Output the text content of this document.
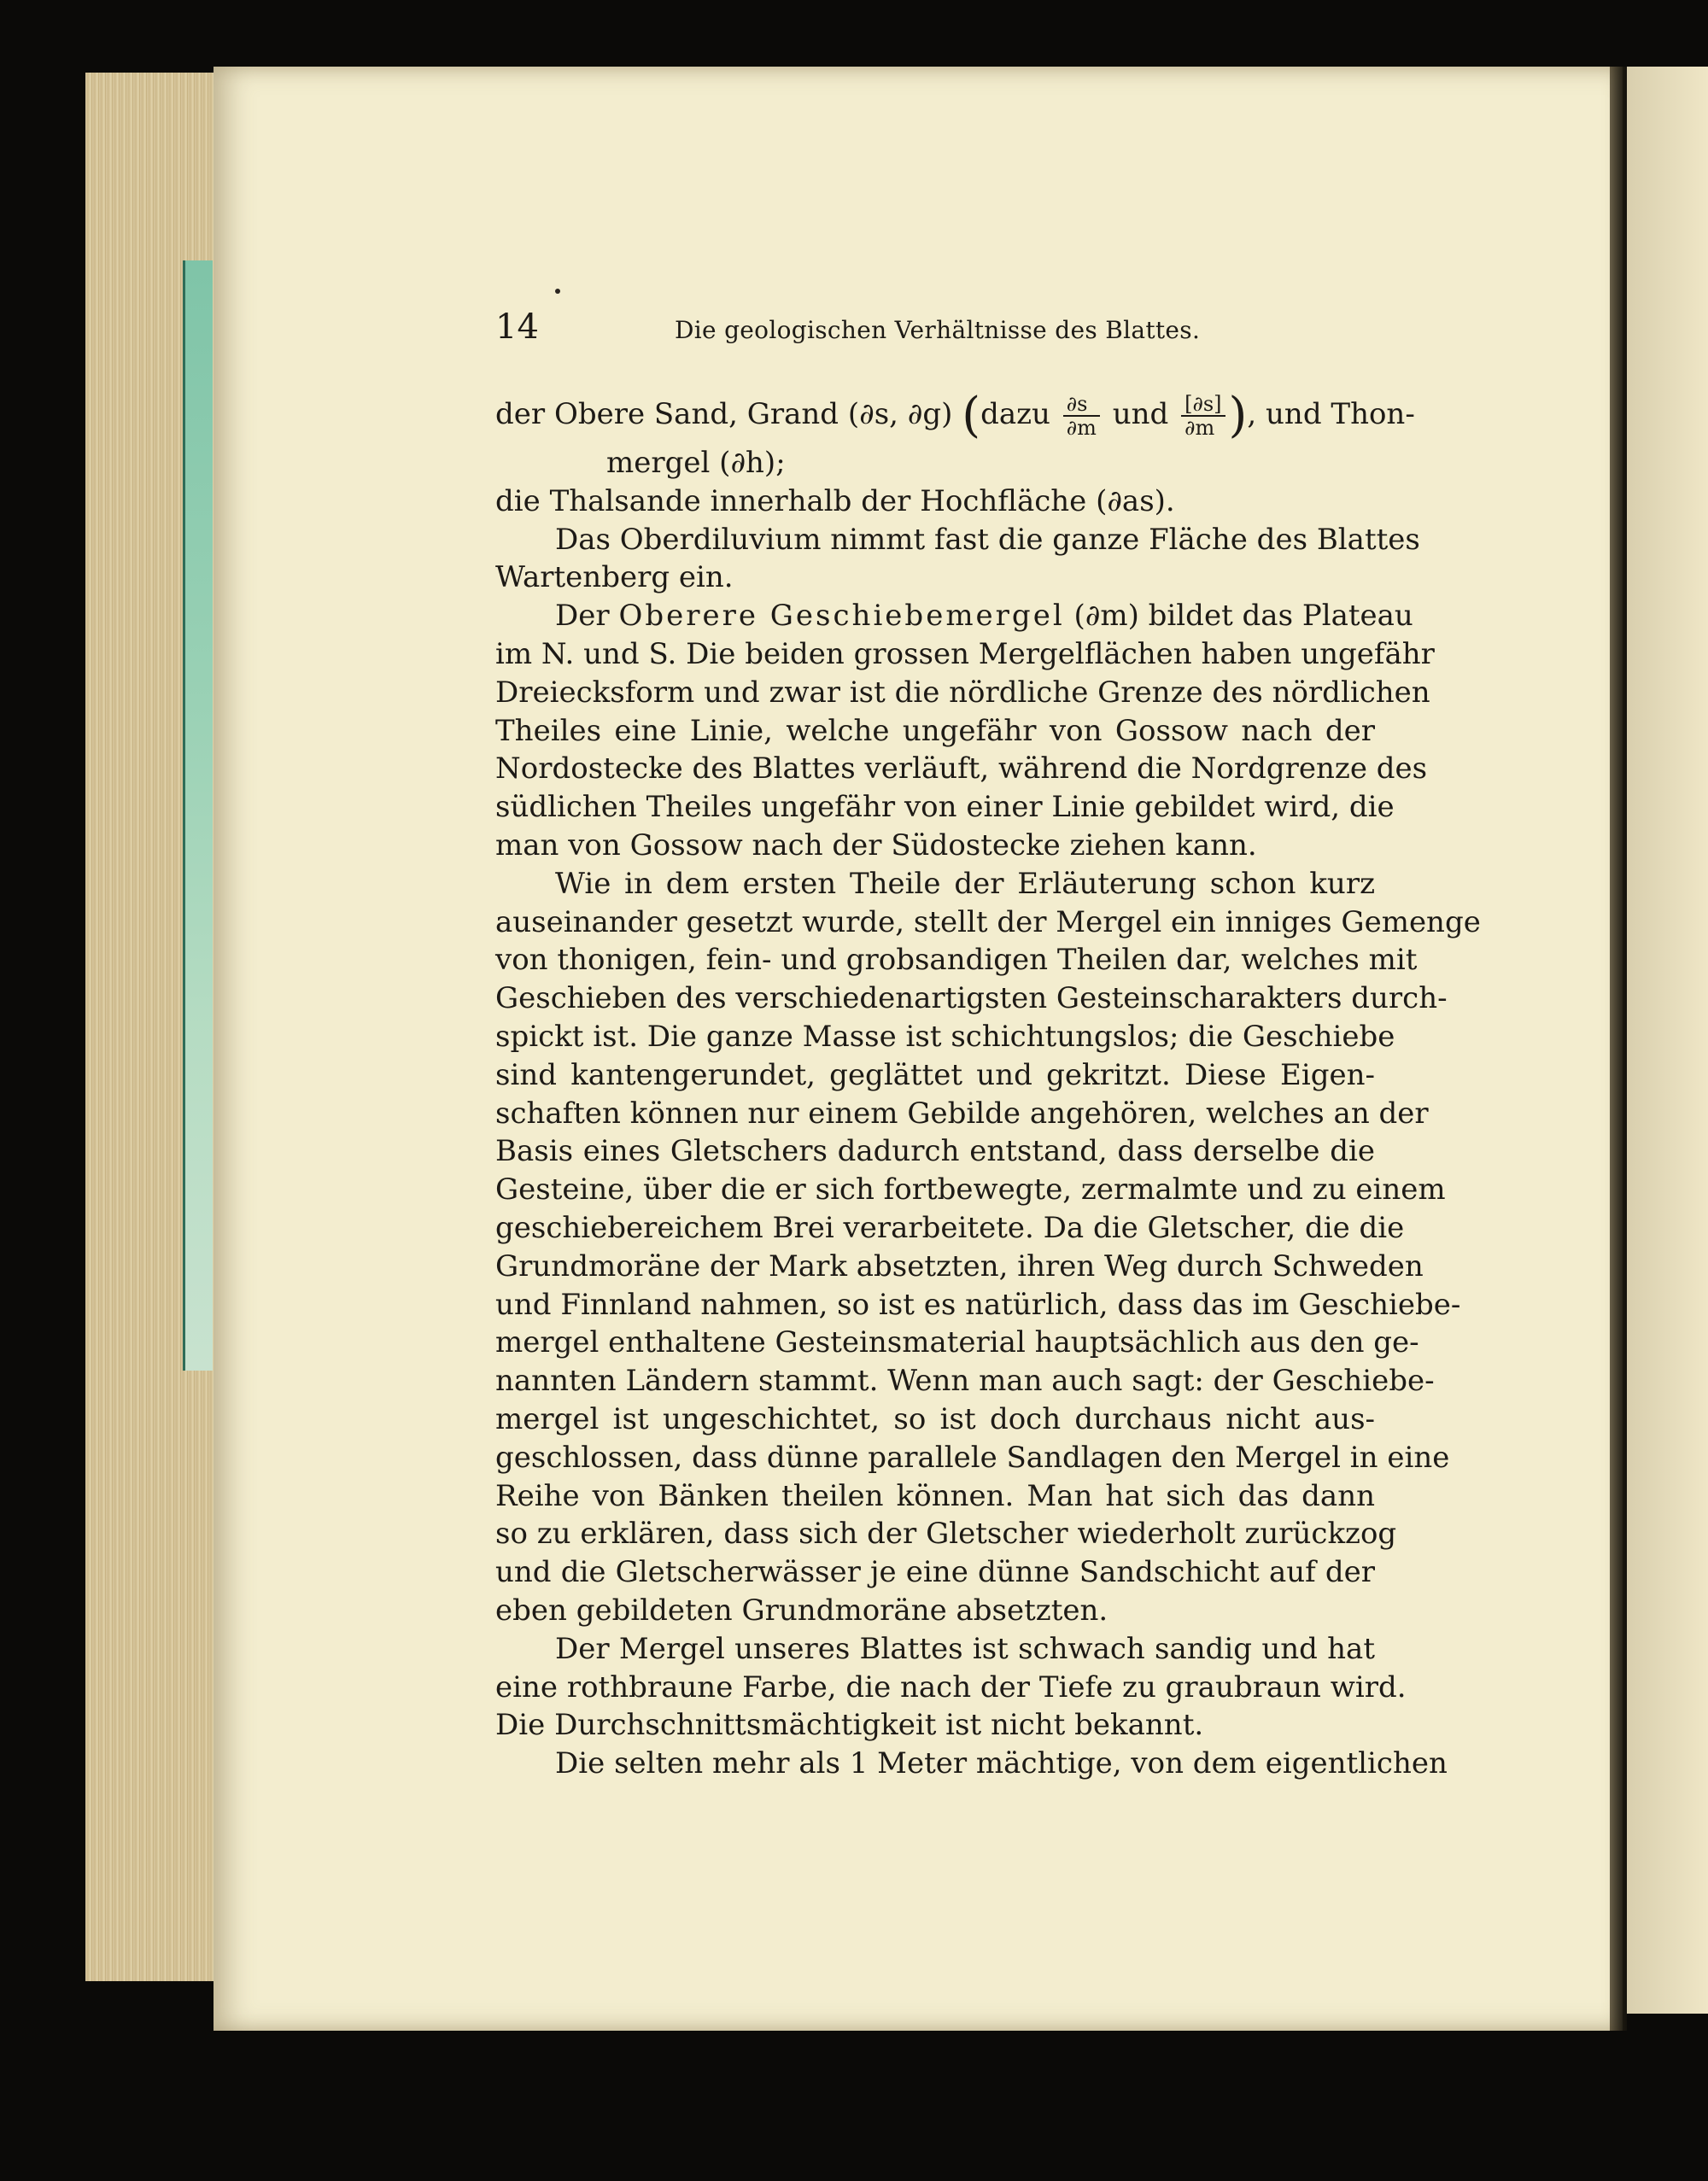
14	Die geologischen Verhältnisse des Blattes.
der Obere Sand, Grand (∂s, ∂g) (dazu $\frac{\partial s}{\partial m}$ und $\frac{[\partial s]}{\partial m}$ ), und Thon-
mergel (∂h);
die Thalsande innerhalb der Hochfläche (∂as).
Das Oberdiluvium nimmt fast die ganze Fläche des Blattes
Wartenberg ein.
Der Oberere Geschiebemergel (∂m) bildet das Plateau
im N. und S. Die beiden grossen Mergelflächen haben ungefähr
Dreiecksform und zwar ist die nördliche Grenze des nördlichen
Theiles eine Linie, welche ungefähr von Gossow nach der
Nordostecke des Blattes verläuft, während die Nordgrenze des
südlichen Theiles ungefähr von einer Linie gebildet wird, die
man von Gossow nach der Südostecke ziehen kann.
Wie in dem ersten Theile der Erläuterung schon kurz
auseinander gesetzt wurde, stellt der Mergel ein inniges Gemenge
von thonigen, fein- und grobsandigen Theilen dar, welches mit
Geschieben des verschiedenartigsten Gesteinscharakters durch-
spickt ist. Die ganze Masse ist schichtungslos; die Geschiebe
sind kantengerundet, geglättet und gekritzt. Diese Eigen-
schaften können nur einem Gebilde angehören, welches an der
Basis eines Gletschers dadurch entstand, dass derselbe die
Gesteine, über die er sich fortbewegte, zermalmte und zu einem
geschiebereichem Brei verarbeitete. Da die Gletscher, die die
Grundmoräne der Mark absetzten, ihren Weg durch Schweden
und Finnland nahmen, so ist es natürlich, dass das im Geschiebe-
mergel enthaltene Gesteinsmaterial hauptsächlich aus den ge-
nannten Ländern stammt. Wenn man auch sagt: der Geschiebe-
mergel ist ungeschichtet, so ist doch durchaus nicht aus-
geschlossen, dass dünne parallele Sandlagen den Mergel in eine
Reihe von Bänken theilen können. Man hat sich das dann
so zu erklären, dass sich der Gletscher wiederholt zurückzog
und die Gletscherwässer je eine dünne Sandschicht auf der
eben gebildeten Grundmoräne absetzten.
Der Mergel unseres Blattes ist schwach sandig und hat
eine rothbraune Farbe, die nach der Tiefe zu graubraun wird.
Die Durchschnittsmächtigkeit ist nicht bekannt.
Die selten mehr als 1 Meter mächtige, von dem eigentlichen
